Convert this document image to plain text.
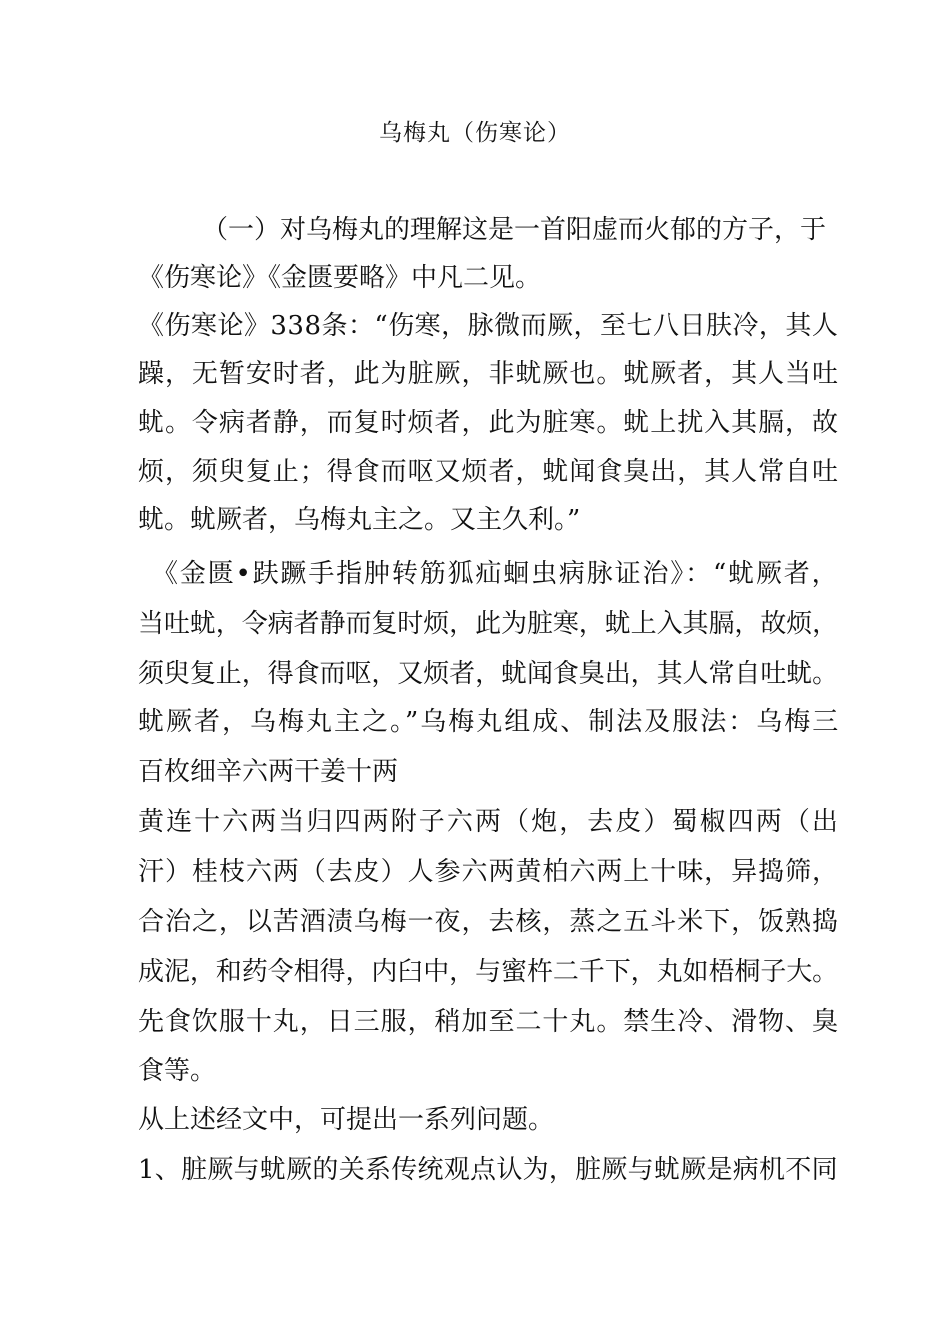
乌梅丸（伤寒论）
（一）对乌梅丸的理解这是一首阳虚而火郁的方子，于
《伤寒论》《金匮要略》中凡二见。
《伤寒论》338条：“伤寒，脉微而厥，至七八日肤冷，其人
躁，无暂安时者，此为脏厥，非蚘厥也。蚘厥者，其人当吐
蚘。令病者静，而复时烦者，此为脏寒。蚘上扰入其膈，故
烦，须臾复止；得食而呕又烦者，蚘闻食臭出，其人常自吐
蚘。蚘厥者，乌梅丸主之。又主久利。”
《金匮•趺蹶手指肿转筋狐疝蛔虫病脉证治》：“蚘厥者，
当吐蚘，令病者静而复时烦，此为脏寒，蚘上入其膈，故烦，
须臾复止，得食而呕，又烦者，蚘闻食臭出，其人常自吐蚘。
蚘厥者，乌梅丸主之。”乌梅丸组成、制法及服法：乌梅三
百枚细辛六两干姜十两
黄连十六两当归四两附子六两（炮，去皮）蜀椒四两（出
汗）桂枝六两（去皮）人参六两黄柏六两上十味，异捣筛，
合治之，以苦酒渍乌梅一夜，去核，蒸之五斗米下，饭熟捣
成泥，和药令相得，内臼中，与蜜杵二千下，丸如梧桐子大。
先食饮服十丸，日三服，稍加至二十丸。禁生冷、滑物、臭
食等。
从上述经文中，可提出一系列问题。
1、脏厥与蚘厥的关系传统观点认为，脏厥与蚘厥是病机不同
